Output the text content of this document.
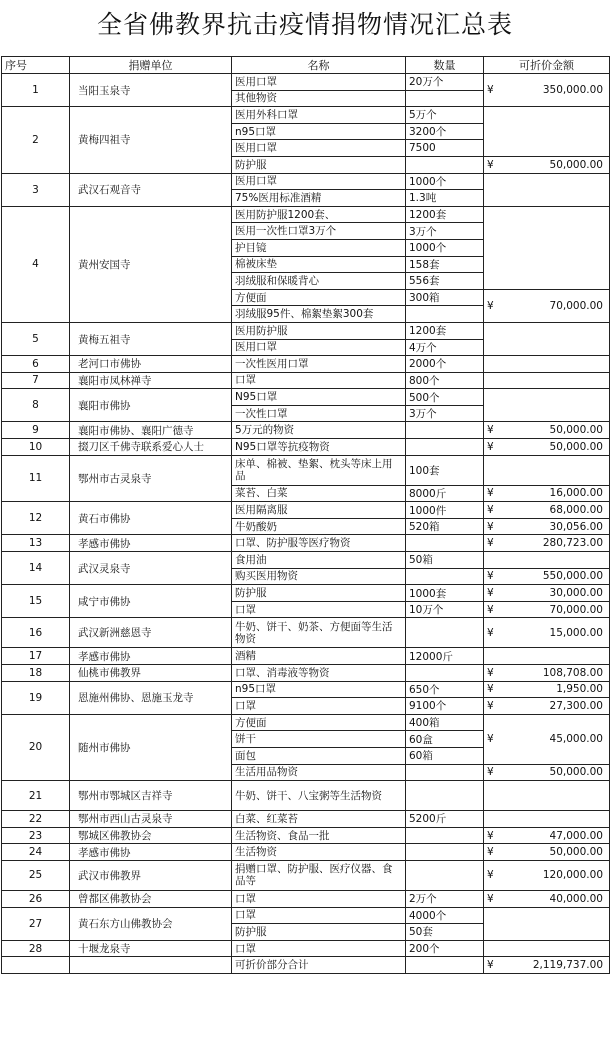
全省佛教界抗击疫情捐物情况汇总表
序号	捐赠单位	名称	数量	可折价金额
1	当阳玉泉寺	医用口罩	20万个	¥ 350,000.00

		其他物资		
2	黄梅四祖寺	医用外科口罩	5万个	
		n95口罩	3200个	
		医用口罩	7500	
		防护服		¥ 50,000.00

3	武汉石观音寺	医用口罩	1000个	
		75%医用标准酒精	1.3吨	
4	黄州安国寺	医用防护服1200套、	1200套	
		医用一次性口罩3万个	3万个	
		护目镜	1000个	
		棉被床垫	158套	
		羽绒服和保暖背心	556套	
		方便面	300箱	¥ 70,000.00

		羽绒服95件、棉絮垫絮300套		
5	黄梅五祖寺	医用防护服	1200套	
		医用口罩	4万个	
6	老河口市佛协	一次性医用口罩	2000个	
7	襄阳市凤林禅寺	口罩	800个	
8	襄阳市佛协	N95口罩	500个	
		一次性口罩	3万个	
9	襄阳市佛协、襄阳广德寺	5万元的物资		¥ 50,000.00

10	掇刀区千佛寺联系爱心人士	N95口罩等抗疫物资		¥ 50,000.00

11	鄂州市古灵泉寺	床单、棉被、垫絮、枕头等床上用品	100套	
		菜苔、白菜	8000斤	¥ 16,000.00

12	黄石市佛协	医用隔离服	1000件	¥ 68,000.00

		牛奶酸奶	520箱	¥ 30,056.00

13	孝感市佛协	口罩、防护服等医疗物资		¥ 280,723.00

14	武汉灵泉寺	食用油	50箱	
		购买医用物资		¥ 550,000.00

15	咸宁市佛协	防护服	1000套	¥ 30,000.00

		口罩	10万个	¥ 70,000.00

16	武汉新洲慈恩寺	牛奶、饼干、奶茶、方便面等生活物资		¥ 15,000.00

17	孝感市佛协	酒精	12000斤	
18	仙桃市佛教界	口罩、消毒液等物资		¥ 108,708.00

19	恩施州佛协、恩施玉龙寺	n95口罩	650个	¥ 1,950.00

		口罩	9100个	¥ 27,300.00

20	随州市佛协	方便面	400箱	¥ 45,000.00

		饼干	60盒	
		面包	60箱	
		生活用品物资		¥ 50,000.00

21	鄂州市鄂城区吉祥寺	牛奶、饼干、八宝粥等生活物资		
22	鄂州市西山古灵泉寺	白菜、红菜苔	5200斤	
23	鄂城区佛教协会	生活物资、食品一批		¥ 47,000.00

24	孝感市佛协	生活物资		¥ 50,000.00

25	武汉市佛教界	捐赠口罩、防护服、医疗仪器、食品等		¥ 120,000.00

26	曾都区佛教协会	口罩	2万个	¥ 40,000.00

27	黄石东方山佛教协会	口罩	4000个	
		防护服	50套	
28	十堰龙泉寺	口罩	200个	
		可折价部分合计		¥ 2,119,737.00
